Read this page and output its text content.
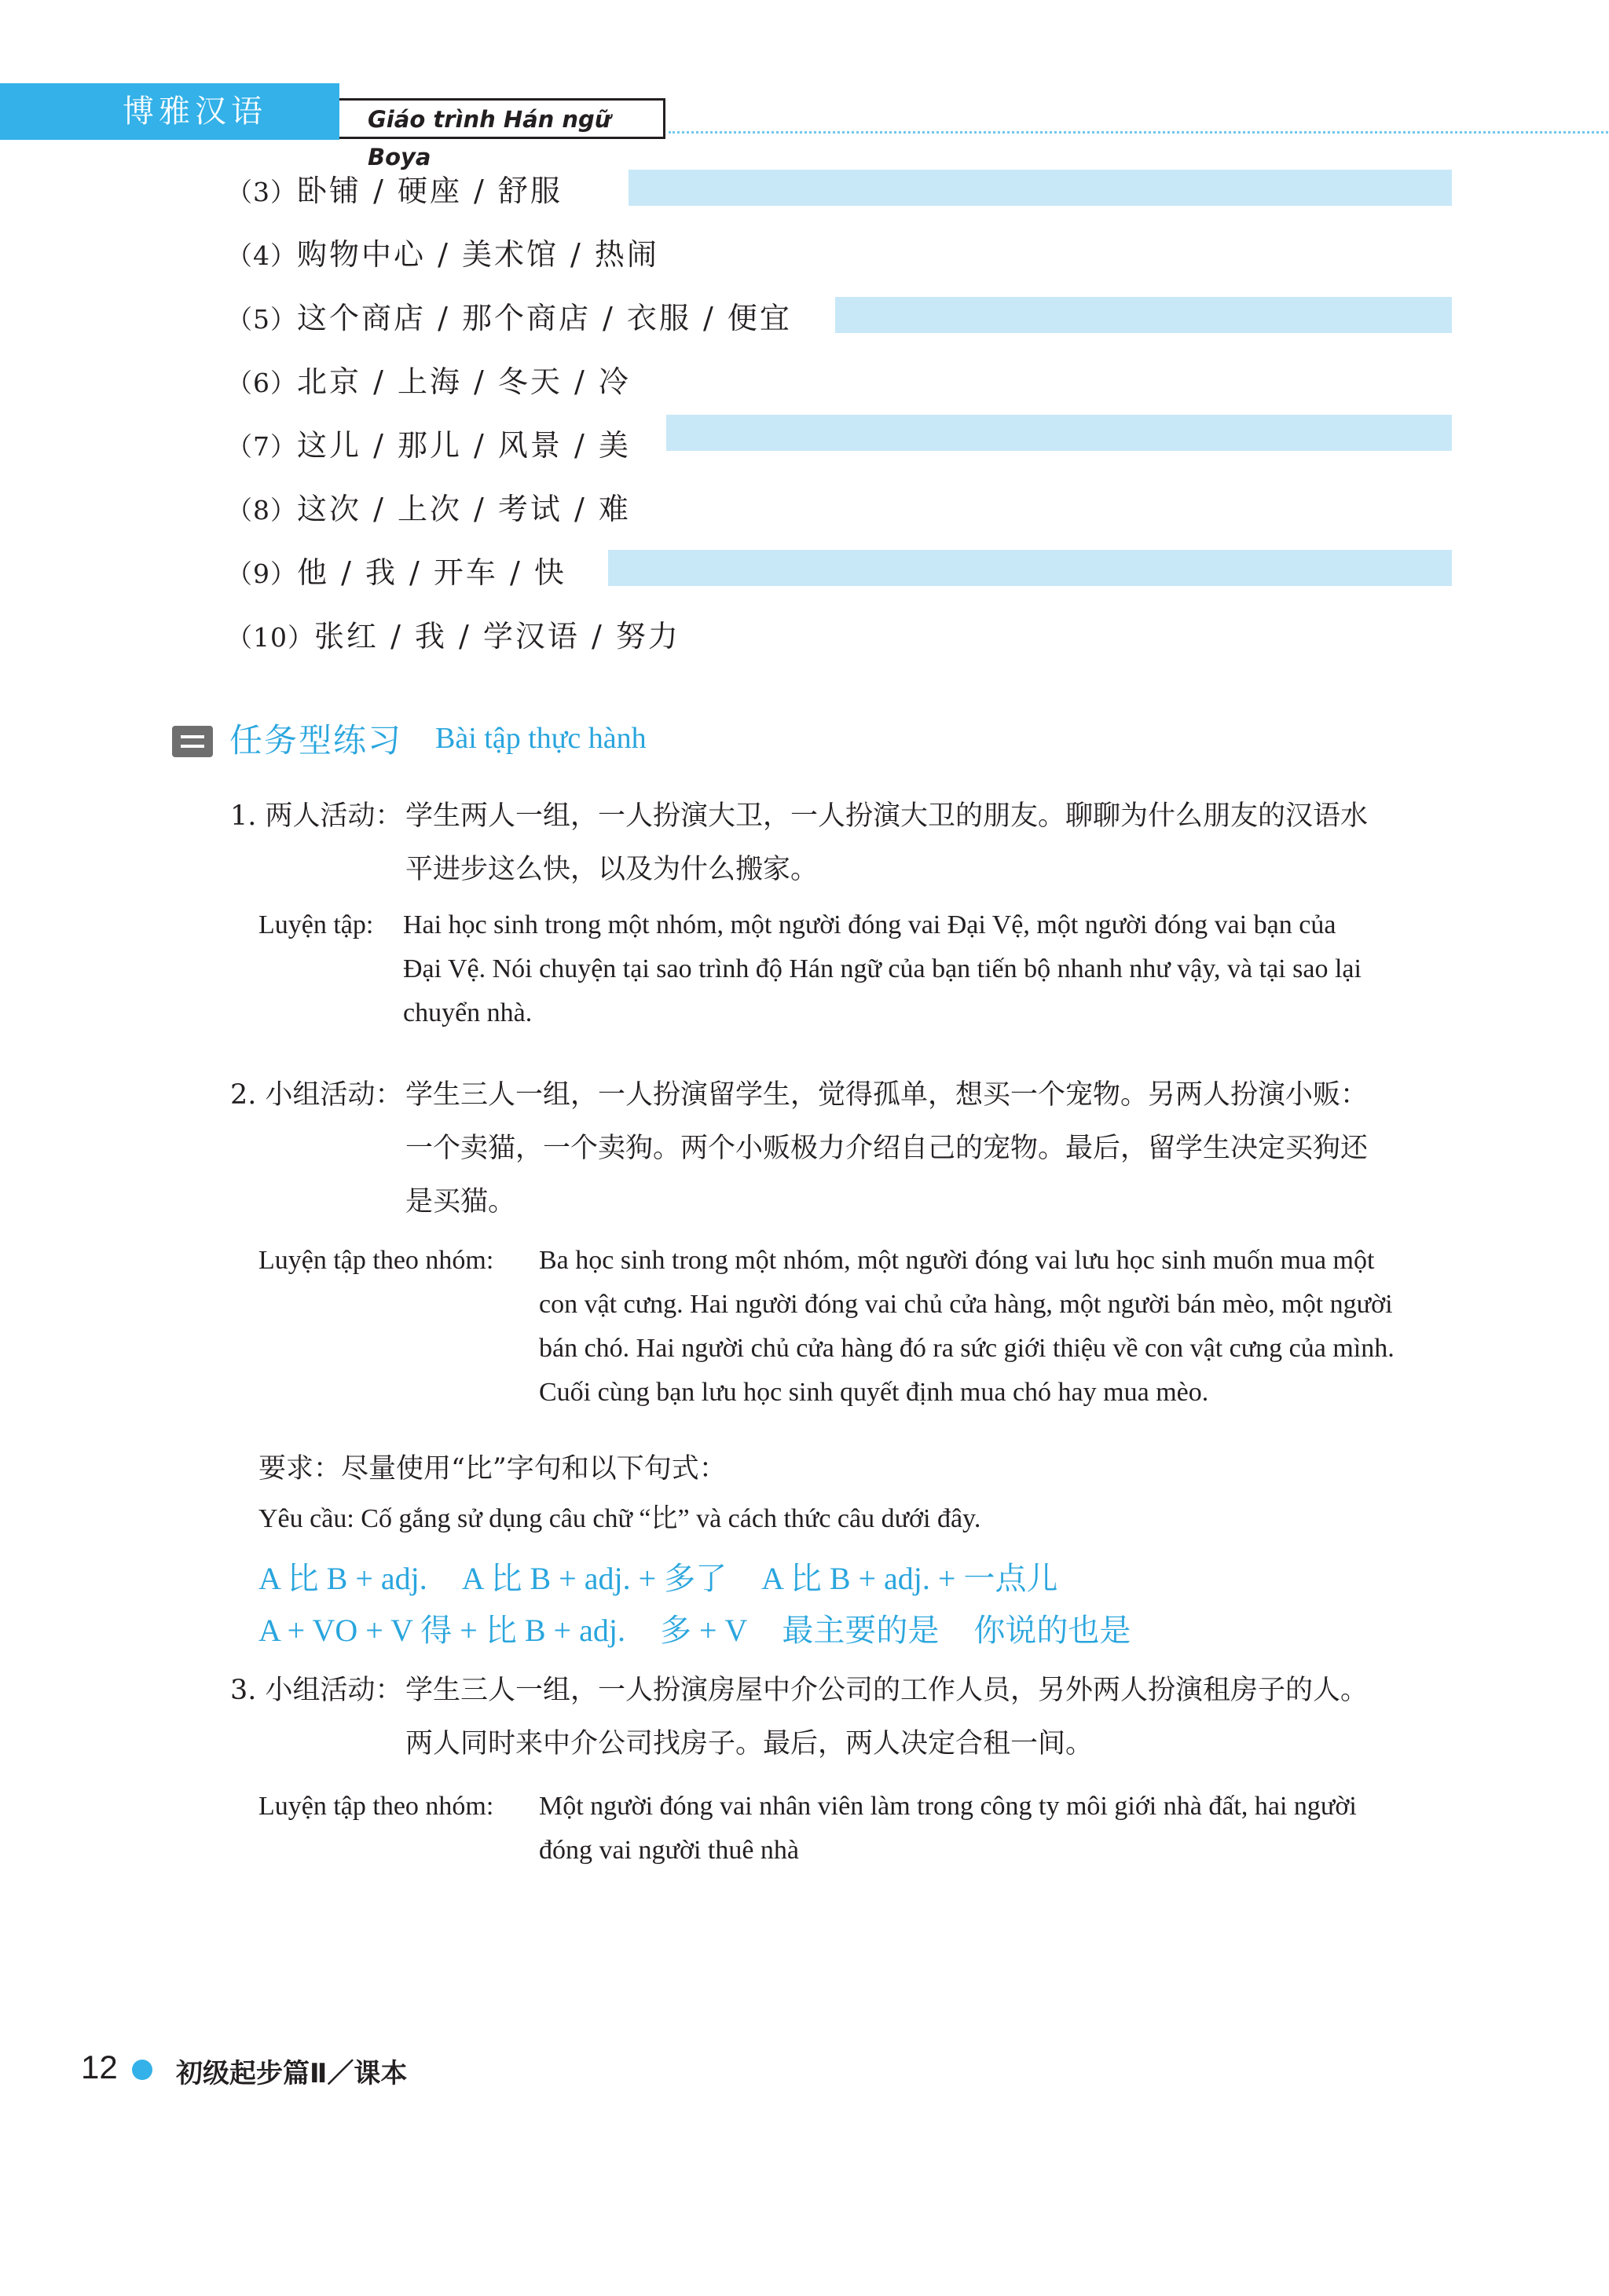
博雅汉语	Giáo trình Hán ngữ Boya
（3）卧铺 / 硬座 / 舒服
（4）购物中心 / 美术馆 / 热闹
（5）这个商店 / 那个商店 / 衣服 / 便宜
（6）北京 / 上海 / 冬天 / 冷
（7）这儿 / 那儿 / 风景 / 美
（8）这次 / 上次 / 考试 / 难
（9）他 / 我 / 开车 / 快
（10）张红 / 我 / 学汉语 / 努力
任务型练习 Bài tập thực hành
1. 两人活动： 学生两人一组，一人扮演大卫，一人扮演大卫的朋友。聊聊为什么朋友的汉语水

平进步这么快，以及为什么搬家。

Luyện tập: Hai học sinh trong một nhóm, một người đóng vai Đại Vệ, một người đóng vai bạn của

Đại Vệ. Nói chuyện tại sao trình độ Hán ngữ của bạn tiến bộ nhanh như vậy, và tại sao lại

chuyển nhà.

2. 小组活动： 学生三人一组，一人扮演留学生，觉得孤单，想买一个宠物。另两人扮演小贩：

一个卖猫，一个卖狗。两个小贩极力介绍自己的宠物。最后，留学生决定买狗还

是买猫。

Luyện tập theo nhóm: Ba học sinh trong một nhóm, một người đóng vai lưu học sinh muốn mua một

con vật cưng. Hai người đóng vai chủ cửa hàng, một người bán mèo, một người

bán chó. Hai người chủ cửa hàng đó ra sức giới thiệu về con vật cưng của mình.

Cuối cùng bạn lưu học sinh quyết định mua chó hay mua mèo.

要求：尽量使用“比”字句和以下句式：
Yêu cầu: Cố gắng sử dụng câu chữ “比” và cách thức câu dưới đây.
A 比 B + adj. A 比 B + adj. + 多了 A 比 B + adj. + 一点儿
A + VO + V 得 + 比 B + adj. 多 + V 最主要的是 你说的也是
3. 小组活动： 学生三人一组，一人扮演房屋中介公司的工作人员，另外两人扮演租房子的人。

两人同时来中介公司找房子。最后，两人决定合租一间。

Luyện tập theo nhóm: Một người đóng vai nhân viên làm trong công ty môi giới nhà đất, hai người

đóng vai người thuê nhà

12 初级起步篇Ⅱ／课本
